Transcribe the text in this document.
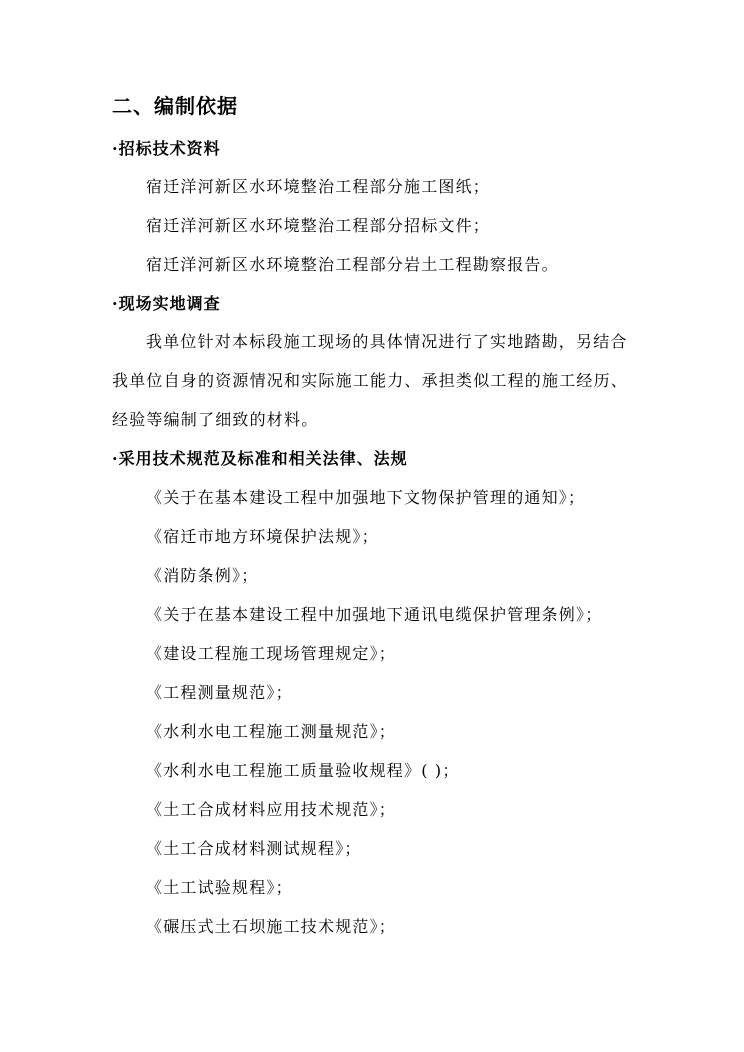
二、编制依据
·招标技术资料
宿迁洋河新区水环境整治工程部分施工图纸；
宿迁洋河新区水环境整治工程部分招标文件；
宿迁洋河新区水环境整治工程部分岩土工程勘察报告。
·现场实地调查
我单位针对本标段施工现场的具体情况进行了实地踏勘，另结合
我单位自身的资源情况和实际施工能力、承担类似工程的施工经历、
经验等编制了细致的材料。
·采用技术规范及标准和相关法律、法规
《关于在基本建设工程中加强地下文物保护管理的通知》；
《宿迁市地方环境保护法规》；
《消防条例》；
《关于在基本建设工程中加强地下通讯电缆保护管理条例》；
《建设工程施工现场管理规定》；
《工程测量规范》；
《水利水电工程施工测量规范》；
《水利水电工程施工质量验收规程》( )；
《土工合成材料应用技术规范》；
《土工合成材料测试规程》；
《土工试验规程》；
《碾压式土石坝施工技术规范》；
